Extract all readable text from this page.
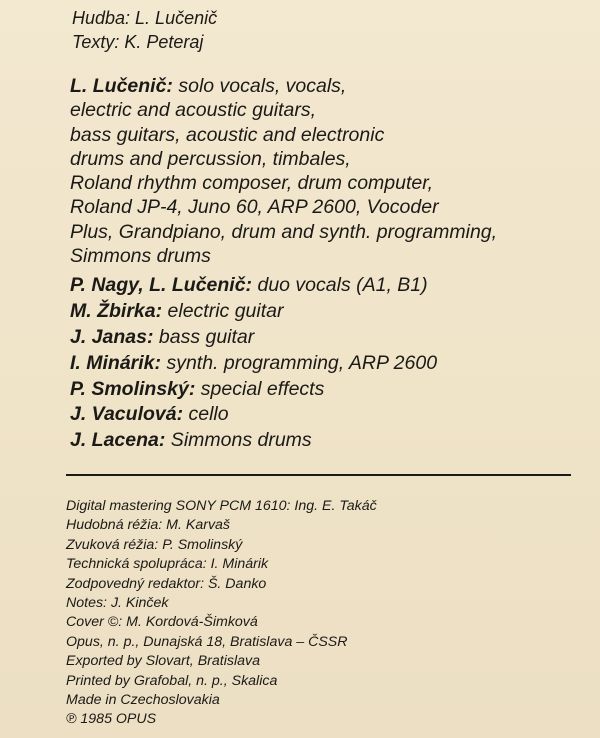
Hudba: L. Lučenič
Texty: K. Peteraj
L. Lučenič: solo vocals, vocals,
electric and acoustic guitars,
bass guitars, acoustic and electronic
drums and percussion, timbales,
Roland rhythm composer, drum computer,
Roland JP-4, Juno 60, ARP 2600, Vocoder
Plus, Grandpiano, drum and synth. programming,
Simmons drums
P. Nagy, L. Lučenič: duo vocals (A1, B1)
M. Žbirka: electric guitar
J. Janas: bass guitar
I. Minárik: synth. programming, ARP 2600
P. Smolinský: special effects
J. Vaculová: cello
J. Lacena: Simmons drums
Digital mastering SONY PCM 1610: Ing. E. Takáč
Hudobná réžia: M. Karvaš
Zvuková réžia: P. Smolinský
Technická spolupráca: I. Minárik
Zodpovedný redaktor: Š. Danko
Notes: J. Kinček
Cover ©: M. Kordová-Šimková
Opus, n. p., Dunajská 18, Bratislava – ČSSR
Exported by Slovart, Bratislava
Printed by Grafobal, n. p., Skalica
Made in Czechoslovakia
℗ 1985 OPUS
